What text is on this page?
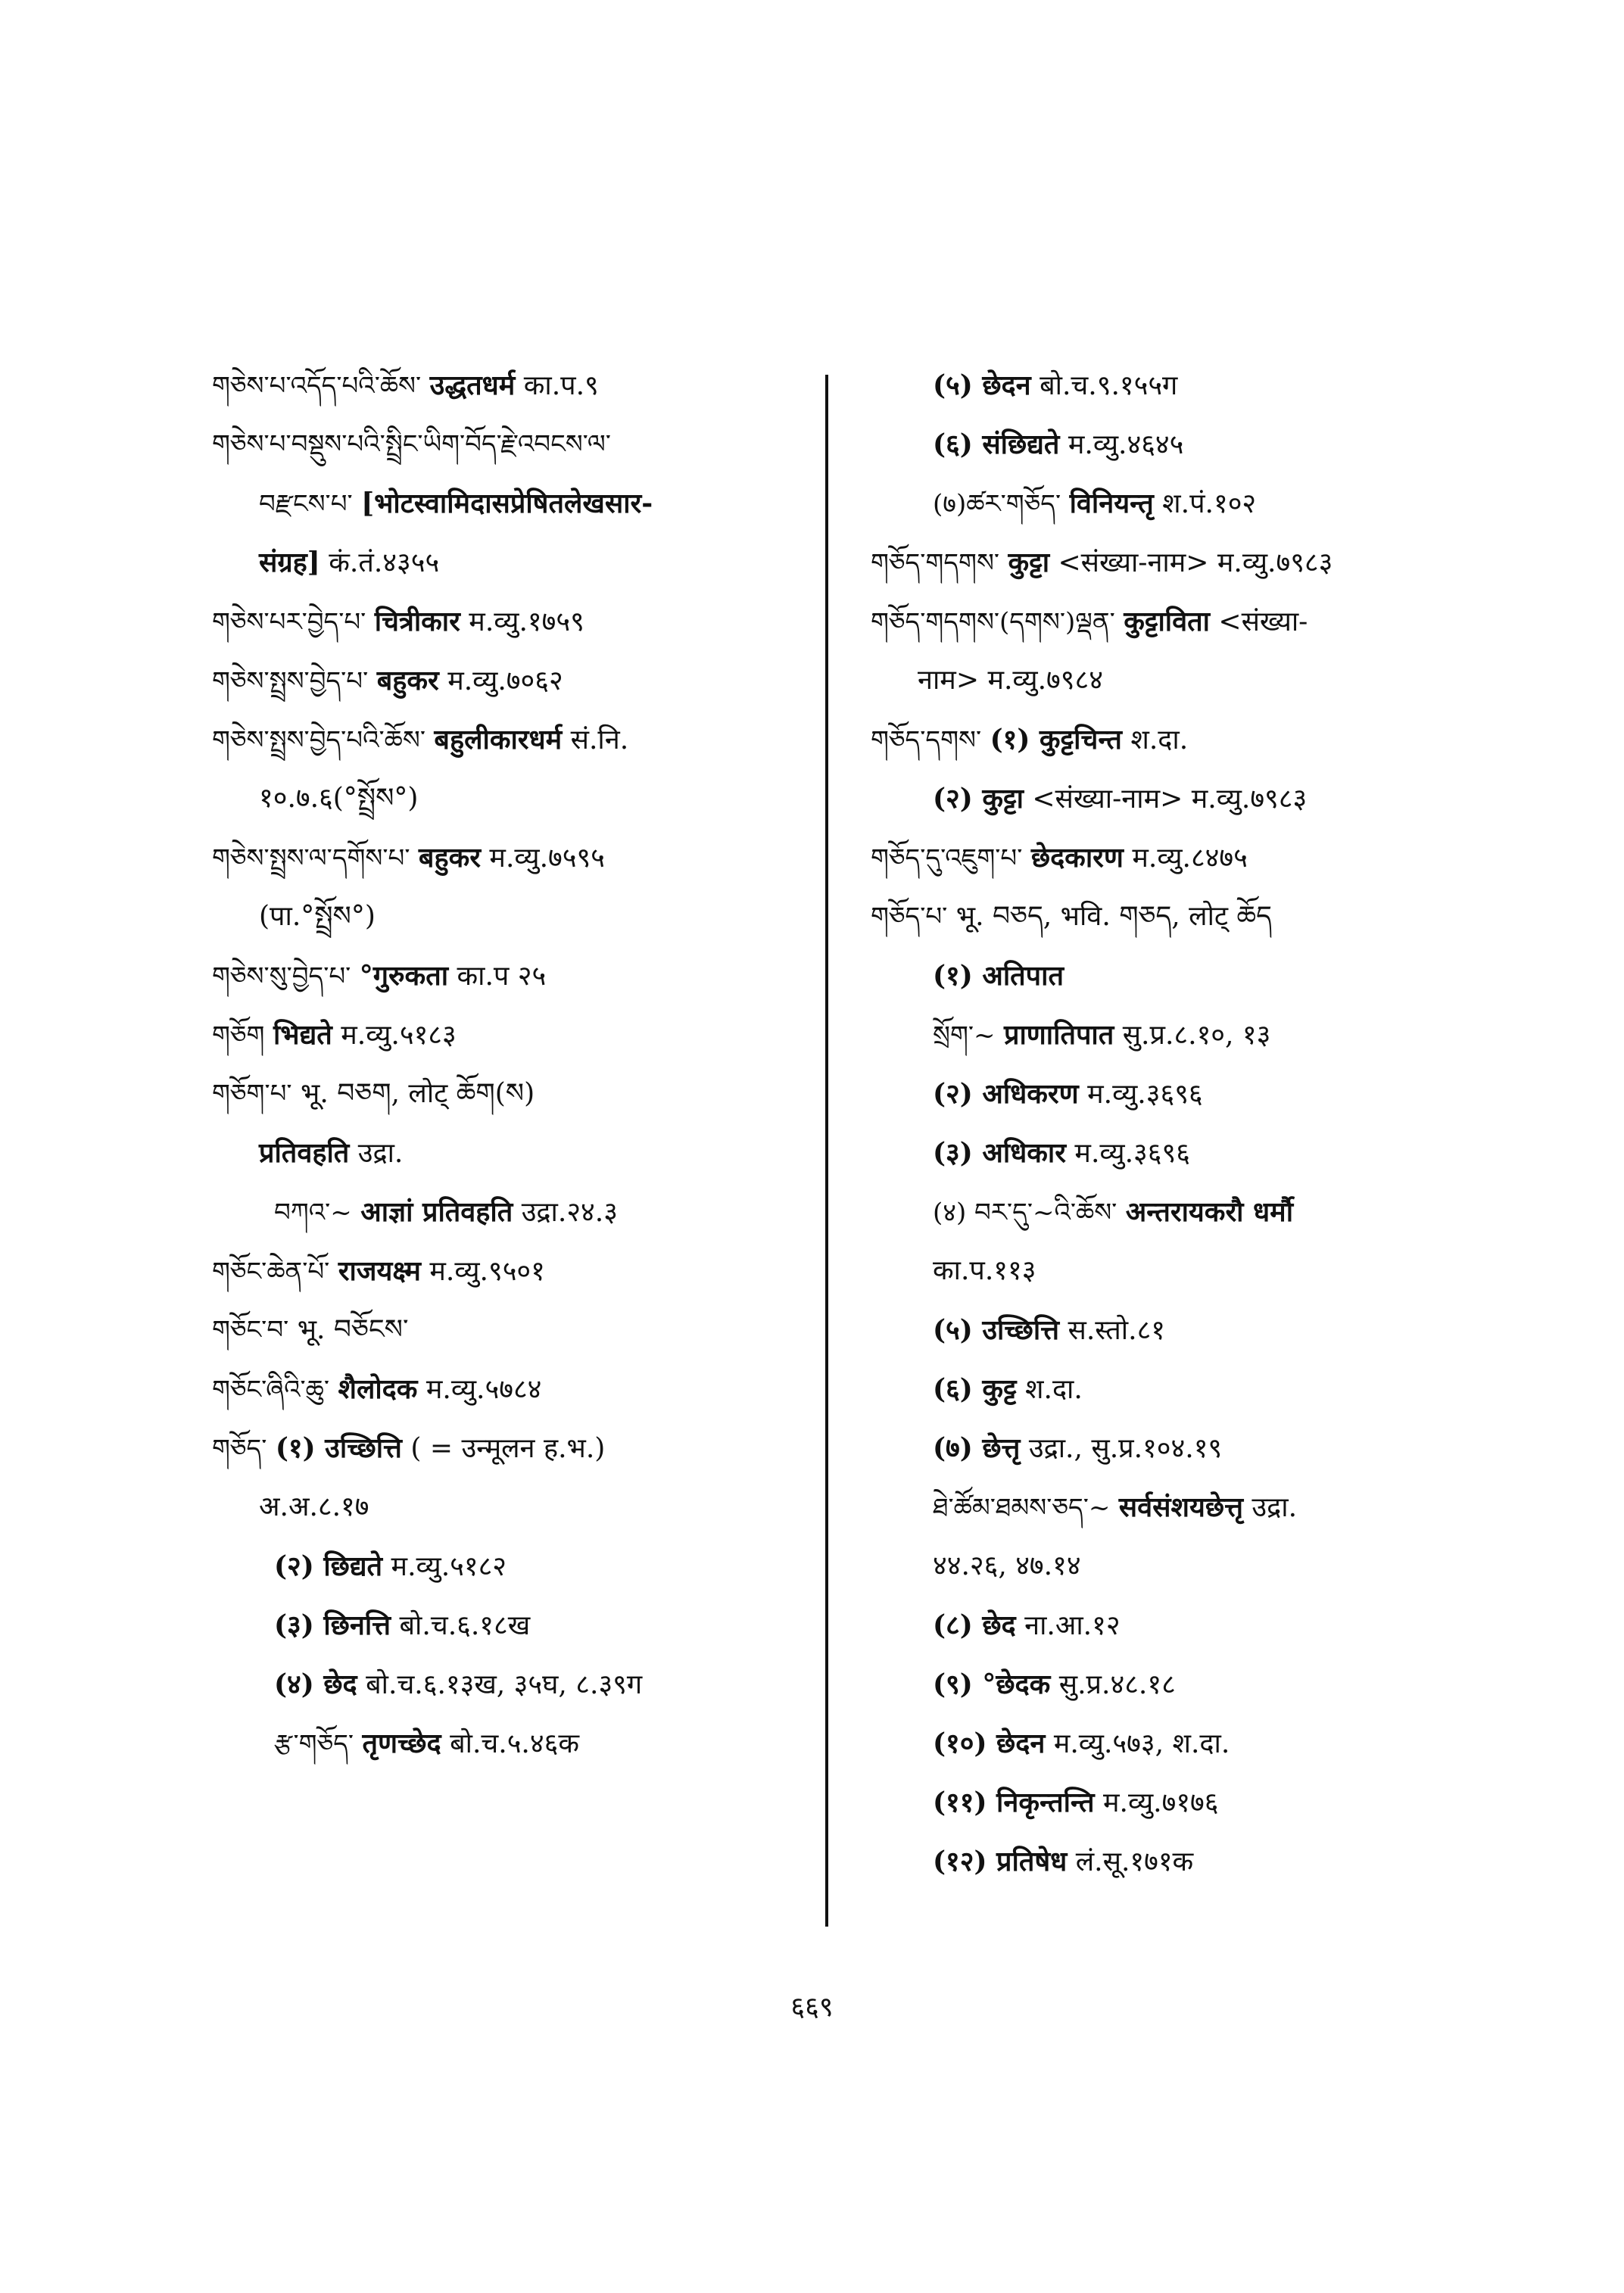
གཅེས་པ་འདོད་པའི་ཆོས་ उद्धतधर्म का.प.९
གཅེས་པ་བསྡུས་པའི་སྤྲིང་ཡིག་བོད་རྗེ་འབངས་ལ་
བརྫངས་པ་ [भोटस्वामिदासप्रेषितलेखसार-
संग्रह] कं.तं.४३५५
གཅེས་པར་བྱེད་པ་ चित्रीकार म.व्यु.१७५९
གཅེས་སྤྲས་བྱེད་པ་ बहुकर म.व्यु.७०६२
གཅེས་སྤྲས་བྱེད་པའི་ཆོས་ बहुलीकारधर्म सं.नि.
१०.७.६(°སྤྲོས°)
གཅེས་སྤྲས་ལ་དགོས་པ་ बहुकर म.व्यु.७५९५
(पा.°སྤྲོས°)
གཅེས་སུ་བྱེད་པ་ °गुरुकता का.प २५
གཅོག भिद्यते म.व्यु.५१८३
གཅོག་པ་ भू. བཅག, लोट् ཆོག(ས)
प्रतिवहति उद्रा.
བཀའ་~ आज्ञां प्रतिवहति उद्रा.२४.३
གཅོང་ཆེན་པོ་ राजयक्ष्म म.व्यु.९५०१
གཅོང་བ་ भू. བཅོངས་
གཅོང་ཞིའི་ཆུ་ शैलोदक म.व्यु.५७८४
གཅོད་ (१) उच्छित्ति ( = उन्मूलन ह.भ.)
अ.अ.८.१७
(२) छिद्यते म.व्यु.५१८२
(३) छिनत्ति बो.च.६.१८ख
(४) छेद बो.च.६.१३ख, ३५घ, ८.३९ग
རྩ་གཅོད་ तृणच्छेद बो.च.५.४६क
(५) छेदन बो.च.९.१५५ग
(६) संछिद्यते म.व्यु.४६४५
(७)ཚར་གཅོད་ विनियन्तृ श.पं.१०२
གཅོད་གདགས་ कुट्टा <संख्या-नाम> म.व्यु.७९८३
གཅོད་གདགས་(དགས་)ལྡན་ कुट्टाविता <संख्या-
नाम> म.व्यु.७९८४
གཅོད་དགས་ (१) कुट्टचिन्त श.दा.
(२) कुट्टा <संख्या-नाम> म.व्यु.७९८३
གཅོད་དུ་འཇུག་པ་ छेदकारण म.व्यु.८४७५
གཅོད་པ་ भू. བཅད, भवि. གཅད, लोट् ཆོད
(१) अतिपात
སྲོག་~ प्राणातिपात सु.प्र.८.१०, १३
(२) अधिकरण म.व्यु.३६९६
(३) अधिकार म.व्यु.३६९६
(४) བར་དུ་~འི་ཆོས་ अन्तरायकरौ धर्मौ
का.प.११३
(५) उच्छित्ति स.स्तो.८१
(६) कुट्ट श.दा.
(७) छेत्तृ उद्रा., सु.प्र.१०४.१९
ཐེ་ཚོམ་ཐམས་ཅད་~ सर्वसंशयछेत्तृ उद्रा.
४४.२६, ४७.१४
(८) छेद ना.आ.१२
(९) °छेदक सु.प्र.४८.१८
(१०) छेदन म.व्यु.५७३, श.दा.
(११) निकृन्तन्ति म.व्यु.७१७६
(१२) प्रतिषेध लं.सू.१७१क
६६९
